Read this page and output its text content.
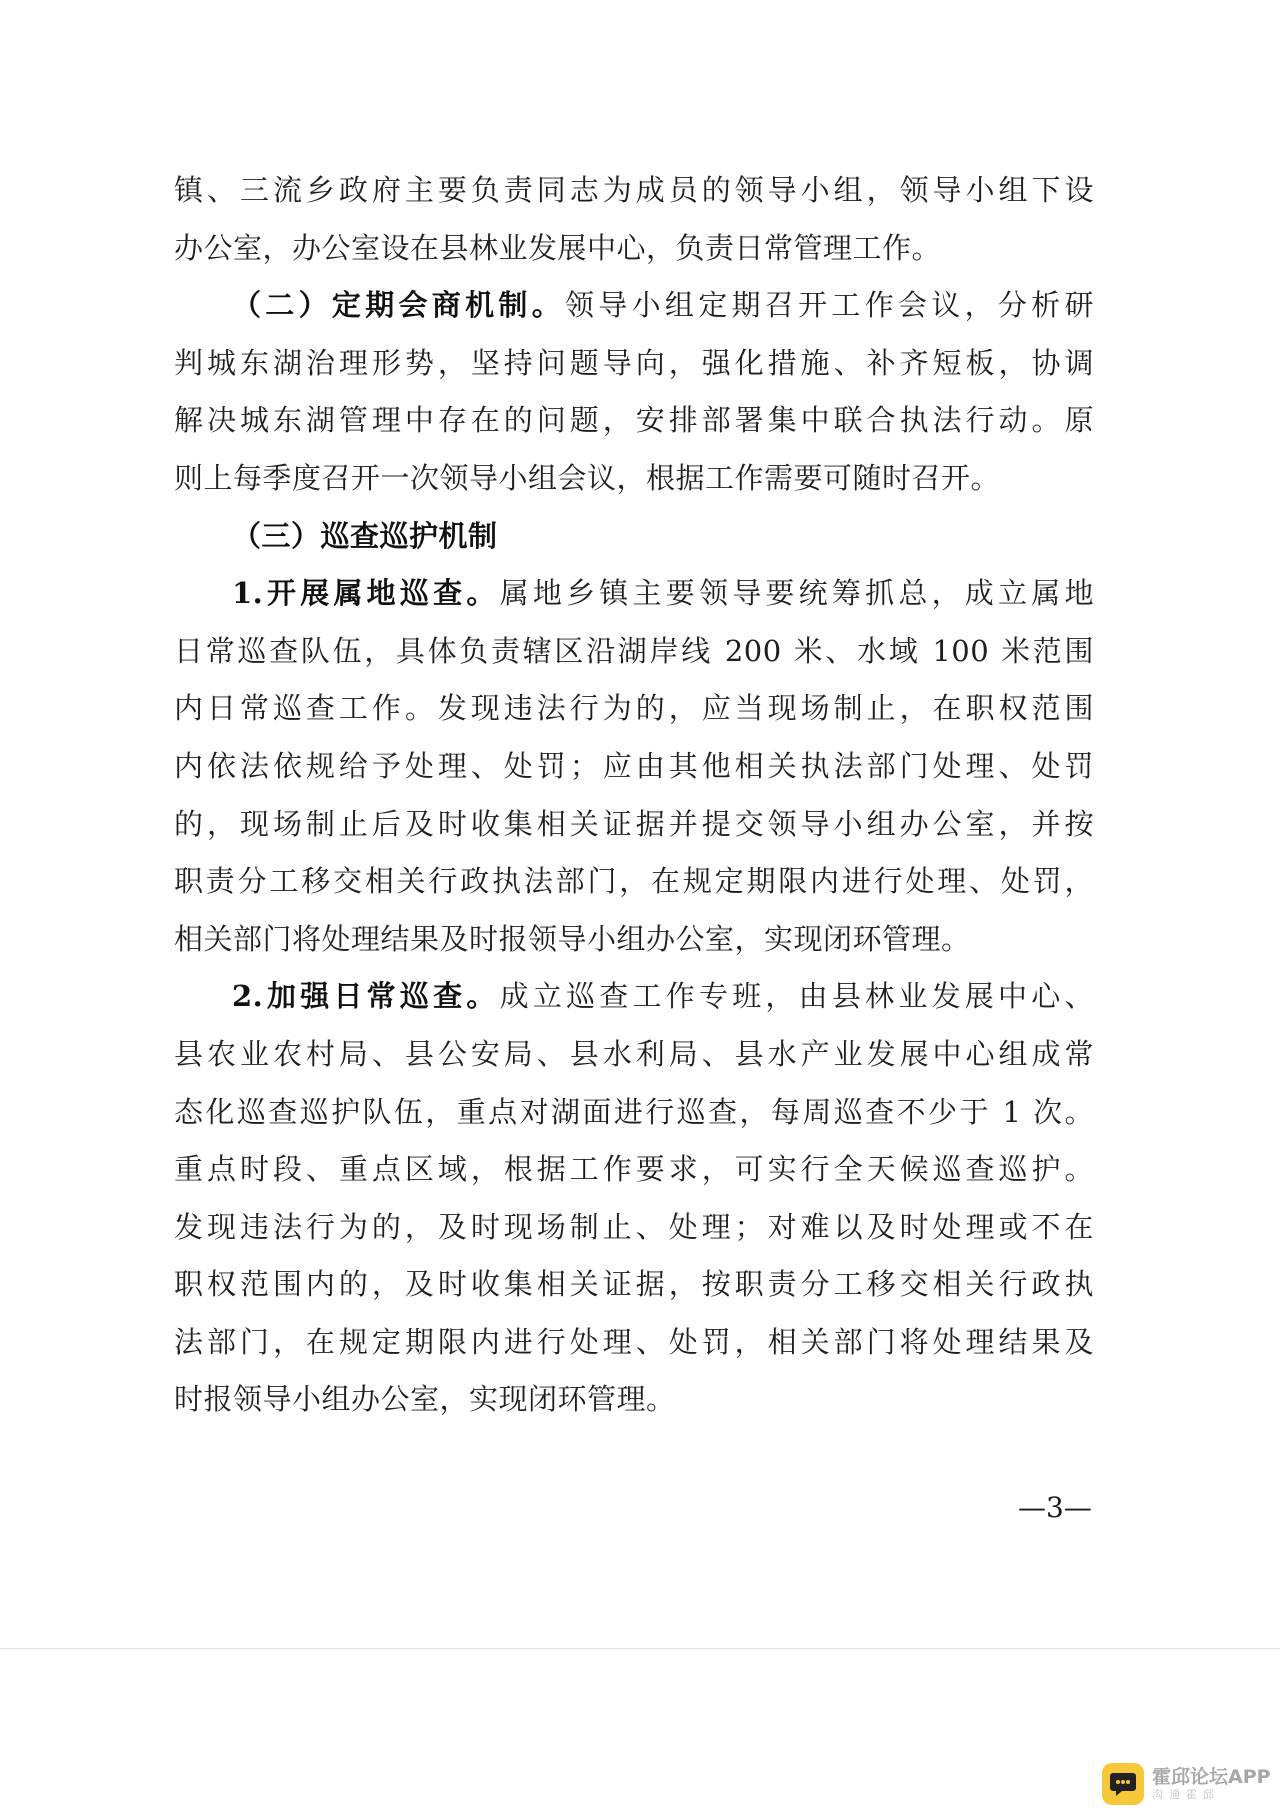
镇、三流乡政府主要负责同志为成员的领导小组，领导小组下设
办公室，办公室设在县林业发展中心，负责日常管理工作。
（二）定期会商机制。领导小组定期召开工作会议，分析研
判城东湖治理形势，坚持问题导向，强化措施、补齐短板，协调
解决城东湖管理中存在的问题，安排部署集中联合执法行动。原
则上每季度召开一次领导小组会议，根据工作需要可随时召开。
（三）巡查巡护机制
1.开展属地巡查。属地乡镇主要领导要统筹抓总，成立属地
日常巡查队伍，具体负责辖区沿湖岸线 200 米、水域 100 米范围
内日常巡查工作。发现违法行为的，应当现场制止，在职权范围
内依法依规给予处理、处罚；应由其他相关执法部门处理、处罚
的，现场制止后及时收集相关证据并提交领导小组办公室，并按
职责分工移交相关行政执法部门，在规定期限内进行处理、处罚，
相关部门将处理结果及时报领导小组办公室，实现闭环管理。
2.加强日常巡查。成立巡查工作专班，由县林业发展中心、
县农业农村局、县公安局、县水利局、县水产业发展中心组成常
态化巡查巡护队伍，重点对湖面进行巡查，每周巡查不少于 1 次。
重点时段、重点区域，根据工作要求，可实行全天候巡查巡护。
发现违法行为的，及时现场制止、处理；对难以及时处理或不在
职权范围内的，及时收集相关证据，按职责分工移交相关行政执
法部门，在规定期限内进行处理、处罚，相关部门将处理结果及
时报领导小组办公室，实现闭环管理。
—3—
霍邱论坛APP
沟通霍邱
